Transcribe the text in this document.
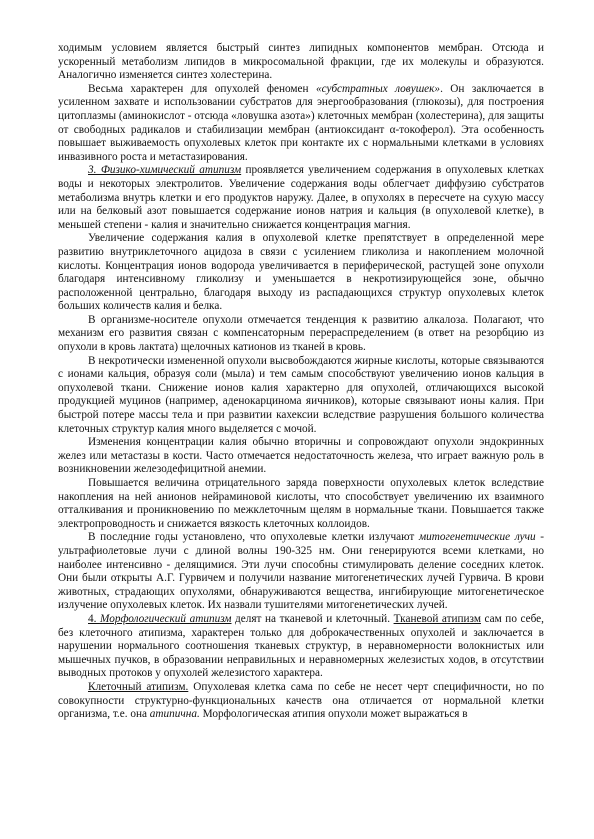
ходимым условием является быстрый синтез липидных компонентов мембран. Отсюда и ускоренный метаболизм липидов в микросомальной фракции, где их молекулы и образуются. Аналогично изменяется синтез холестерина.

Весьма характерен для опухолей феномен «субстратных ловушек». Он заключается в усиленном захвате и использовании субстратов для энергообразования (глюкозы), для построения цитоплазмы (аминокислот - отсюда «ловушка азота») клеточных мембран (холестерина), для защиты от свободных радикалов и стабилизации мембран (антиоксидант α-токоферол). Эта особенность повышает выживаемость опухолевых клеток при контакте их с нормальными клетками в условиях инвазивного роста и метастазирования.

3. Физико-химический атипизм проявляется увеличением содержания в опухолевых клетках воды и некоторых электролитов. Увеличение содержания воды облегчает диффузию субстратов метаболизма внутрь клетки и его продуктов наружу. Далее, в опухолях в пересчете на сухую массу или на белковый азот повышается содержание ионов натрия и кальция (в опухолевой клетке), в меньшей степени - калия и значительно снижается концентрация магния.

Увеличение содержания калия в опухолевой клетке препятствует в определенной мере развитию внутриклеточного ацидоза в связи с усилением гликолиза и накоплением молочной кислоты. Концентрация ионов водорода увеличивается в периферической, растущей зоне опухоли благодаря интенсивному гликолизу и уменьшается в некротизирующейся зоне, обычно расположенной центрально, благодаря выходу из распадающихся структур опухолевых клеток больших количеств калия и белка.

В организме-носителе опухоли отмечается тенденция к развитию алкалоза. Полагают, что механизм его развития связан с компенсаторным перераспределением (в ответ на резорбцию из опухоли в кровь лактата) щелочных катионов из тканей в кровь.

В некротически измененной опухоли высвобождаются жирные кислоты, которые связываются с ионами кальция, образуя соли (мыла) и тем самым способствуют увеличению ионов кальция в опухолевой ткани. Снижение ионов калия характерно для опухолей, отличающихся высокой продукцией муцинов (например, аденокарцинома яичников), которые связывают ионы калия. При быстрой потере массы тела и при развитии кахексии вследствие разрушения большого количества клеточных структур калия много выделяется с мочой.

Изменения концентрации калия обычно вторичны и сопровождают опухоли эндокринных желез или метастазы в кости. Часто отмечается недостаточность железа, что играет важную роль в возникновении железодефицитной анемии.

Повышается величина отрицательного заряда поверхности опухолевых клеток вследствие накопления на ней анионов нейраминовой кислоты, что способствует увеличению их взаимного отталкивания и проникновению по межклеточным щелям в нормальные ткани. Повышается также электропроводность и снижается вязкость клеточных коллоидов.

В последние годы установлено, что опухолевые клетки излучают митогенетические лучи - ультрафиолетовые лучи с длиной волны 190-325 нм. Они генерируются всеми клетками, но наиболее интенсивно - делящимися. Эти лучи способны стимулировать деление соседних клеток. Они были открыты А.Г. Гурвичем и получили название митогенетических лучей Гурвича. В крови животных, страдающих опухолями, обнаруживаются вещества, ингибирующие митогенетическое излучение опухолевых клеток. Их назвали тушителями митогенетических лучей.

4. Морфологический атипизм делят на тканевой и клеточный. Тканевой атипизм сам по себе, без клеточного атипизма, характерен только для доброкачественных опухолей и заключается в нарушении нормального соотношения тканевых структур, в неравномерности волокнистых или мышечных пучков, в образовании неправильных и неравномерных железистых ходов, в отсутствии выводных протоков у опухолей железистого характера.

Клеточный атипизм. Опухолевая клетка сама по себе не несет черт специфичности, но по совокупности структурно-функциональных качеств она отличается от нормальной клетки организма, т.е. она атипична. Морфологическая атипия опухоли может выражаться в
